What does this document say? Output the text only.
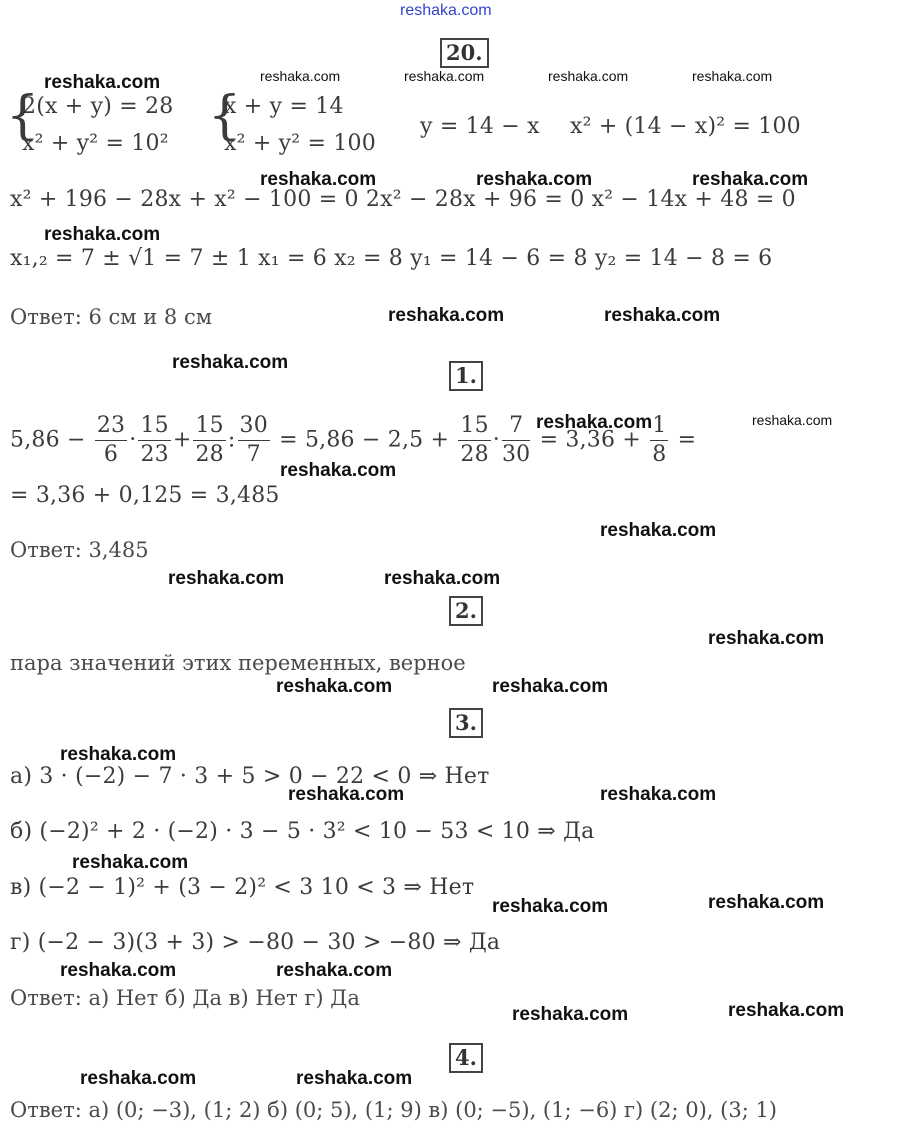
reshaka.com
20.
{
2(x + y) = 28
x² + y² = 10² {
x + y = 14
x² + y² = 100
y = 14 − x x² + (14 − x)² = 100
x² + 196 − 28x + x² − 100 = 0 2x² − 28x + 96 = 0 x² − 14x + 48 = 0
x₁,₂ = 7 ± √1 = 7 ± 1 x₁ = 6 x₂ = 8 y₁ = 14 − 6 = 8 y₂ = 14 − 8 = 6
Ответ: 6 см и 8 см
1.
$5,86 - \frac{23}{6} \cdot \frac{15}{23} + \frac{15}{28}$ : $\frac{30}{7} = 5,86 - 2,5 + \frac{15}{28} \cdot \frac{7}{30} = 3,36 + \frac{1}{8}$ =
= 3,36 + 0,125 = 3,485
Ответ: 3,485
2.
пара значений этих переменных, верное
3.
а) 3 · (−2) − 7 · 3 + 5 > 0 − 22 < 0 ⇒ Нет
б) (−2)² + 2 · (−2) · 3 − 5 · 3² < 10 − 53 < 10 ⇒ Да
в) (−2 − 1)² + (3 − 2)² < 3 10 < 3 ⇒ Нет
г) (−2 − 3)(3 + 3) > −80 − 30 > −80 ⇒ Да
Ответ: а) Нет б) Да в) Нет г) Да
4.
Ответ: а) (0; −3), (1; 2) б) (0; 5), (1; 9) в) (0; −5), (1; −6) г) (2; 0), (3; 1)
reshaka.com	reshaka.com	reshaka.com	reshaka.com	reshaka.com
reshaka.com	reshaka.com	reshaka.com
reshaka.com
reshaka.com	reshaka.com
reshaka.com
reshaka.com	reshaka.com
reshaka.com
reshaka.com
reshaka.com	reshaka.com
reshaka.com
reshaka.com	reshaka.com
reshaka.com
reshaka.com	reshaka.com
reshaka.com
reshaka.com
reshaka.com
reshaka.com	reshaka.com
reshaka.com
reshaka.com
reshaka.com	reshaka.com
